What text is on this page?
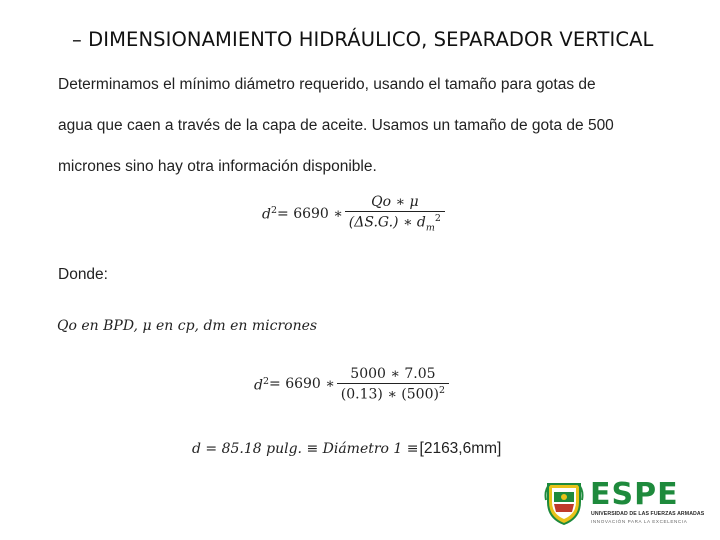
– DIMENSIONAMIENTO HIDRÁULICO, SEPARADOR VERTICAL

Determinamos el mínimo diámetro requerido, usando el tamaño para gotas de

agua que caen a través de la capa de aceite. Usamos un tamaño de gota de 500

micrones sino hay otra información disponible.

$d^2 = 6690$ ∗ $\frac{Qo ∗ \mu}{(\Delta S.G.) ∗ d_m^2}$
Donde:
Qo en BPD, μ en cp, dm en micrones
$d^2 = 6690$ ∗ $\frac{5000 ∗ 7.05}{(0.13) ∗ (500)^2}$
d = 85.18 pulg. ≡ Diámetro 1 ≡ [2163,6mm]
ESPE
UNIVERSIDAD DE LAS FUERZAS ARMADAS
INNOVACIÓN PARA LA EXCELENCIA
